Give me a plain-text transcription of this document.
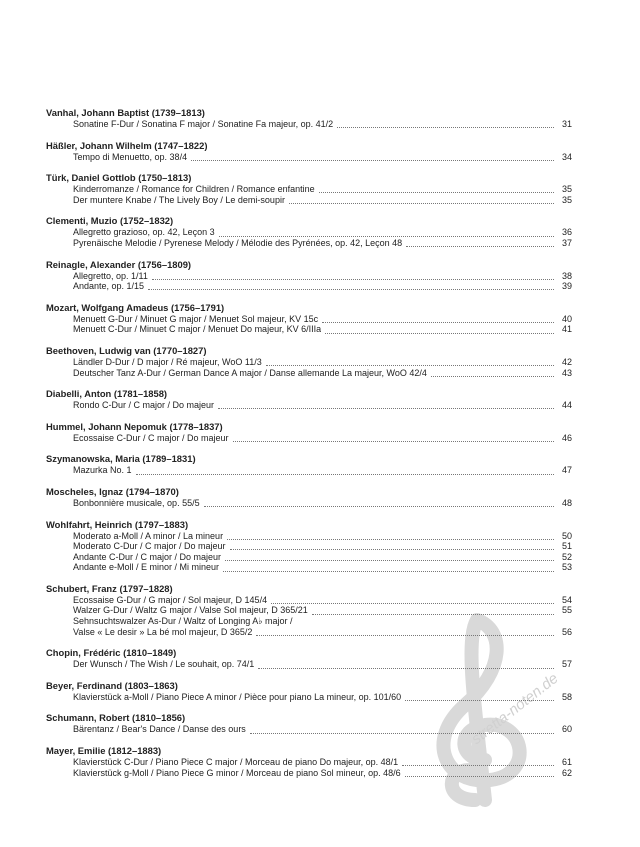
stretta-noten.de
Vanhal, Johann Baptist (1739–1813)
Sonatine F-Dur / Sonatina F major / Sonatine Fa majeur, op. 41/2	31
Häßler, Johann Wilhelm (1747–1822)
Tempo di Menuetto, op. 38/4	34
Türk, Daniel Gottlob (1750–1813)
Kinderromanze / Romance for Children / Romance enfantine	35
Der muntere Knabe / The Lively Boy / Le demi-soupir	35
Clementi, Muzio (1752–1832)
Allegretto grazioso, op. 42, Leçon 3	36
Pyrenäische Melodie / Pyrenese Melody / Mélodie des Pyrénées, op. 42, Leçon 48	37
Reinagle, Alexander (1756–1809)
Allegretto, op. 1/11	38
Andante, op. 1/15	39
Mozart, Wolfgang Amadeus (1756–1791)
Menuett G-Dur / Minuet G major / Menuet Sol majeur, KV 15c	40
Menuett C-Dur / Minuet C major / Menuet Do majeur, KV 6/IIIa	41
Beethoven, Ludwig van (1770–1827)
Ländler D-Dur / D major / Ré majeur, WoO 11/3	42
Deutscher Tanz A-Dur / German Dance A major / Danse allemande La majeur, WoO 42/4	43
Diabelli, Anton (1781–1858)
Rondo C-Dur / C major / Do majeur	44
Hummel, Johann Nepomuk (1778–1837)
Ecossaise C-Dur / C major / Do majeur	46
Szymanowska, Maria (1789–1831)
Mazurka No. 1	47
Moscheles, Ignaz (1794–1870)
Bonbonnière musicale, op. 55/5	48
Wohlfahrt, Heinrich (1797–1883)
Moderato a-Moll / A minor / La mineur	50
Moderato C-Dur / C major / Do majeur	51
Andante C-Dur / C major / Do majeur	52
Andante e-Moll / E minor / Mi mineur	53
Schubert, Franz (1797–1828)
Ecossaise G-Dur / G major / Sol majeur, D 145/4	54
Walzer G-Dur / Waltz G major / Valse Sol majeur, D 365/21	55
Sehnsuchtswalzer As-Dur / Waltz of Longing A♭ major /
Valse « Le desir » La bé mol majeur, D 365/2	56
Chopin, Frédéric (1810–1849)
Der Wunsch / The Wish / Le souhait, op. 74/1	57
Beyer, Ferdinand (1803–1863)
Klavierstück a-Moll / Piano Piece A minor / Pièce pour piano La mineur, op. 101/60	58
Schumann, Robert (1810–1856)
Bärentanz / Bear's Dance / Danse des ours	60
Mayer, Emilie (1812–1883)
Klavierstück C-Dur / Piano Piece C major / Morceau de piano Do majeur, op. 48/1	61
Klavierstück g-Moll / Piano Piece G minor / Morceau de piano Sol mineur, op. 48/6	62
